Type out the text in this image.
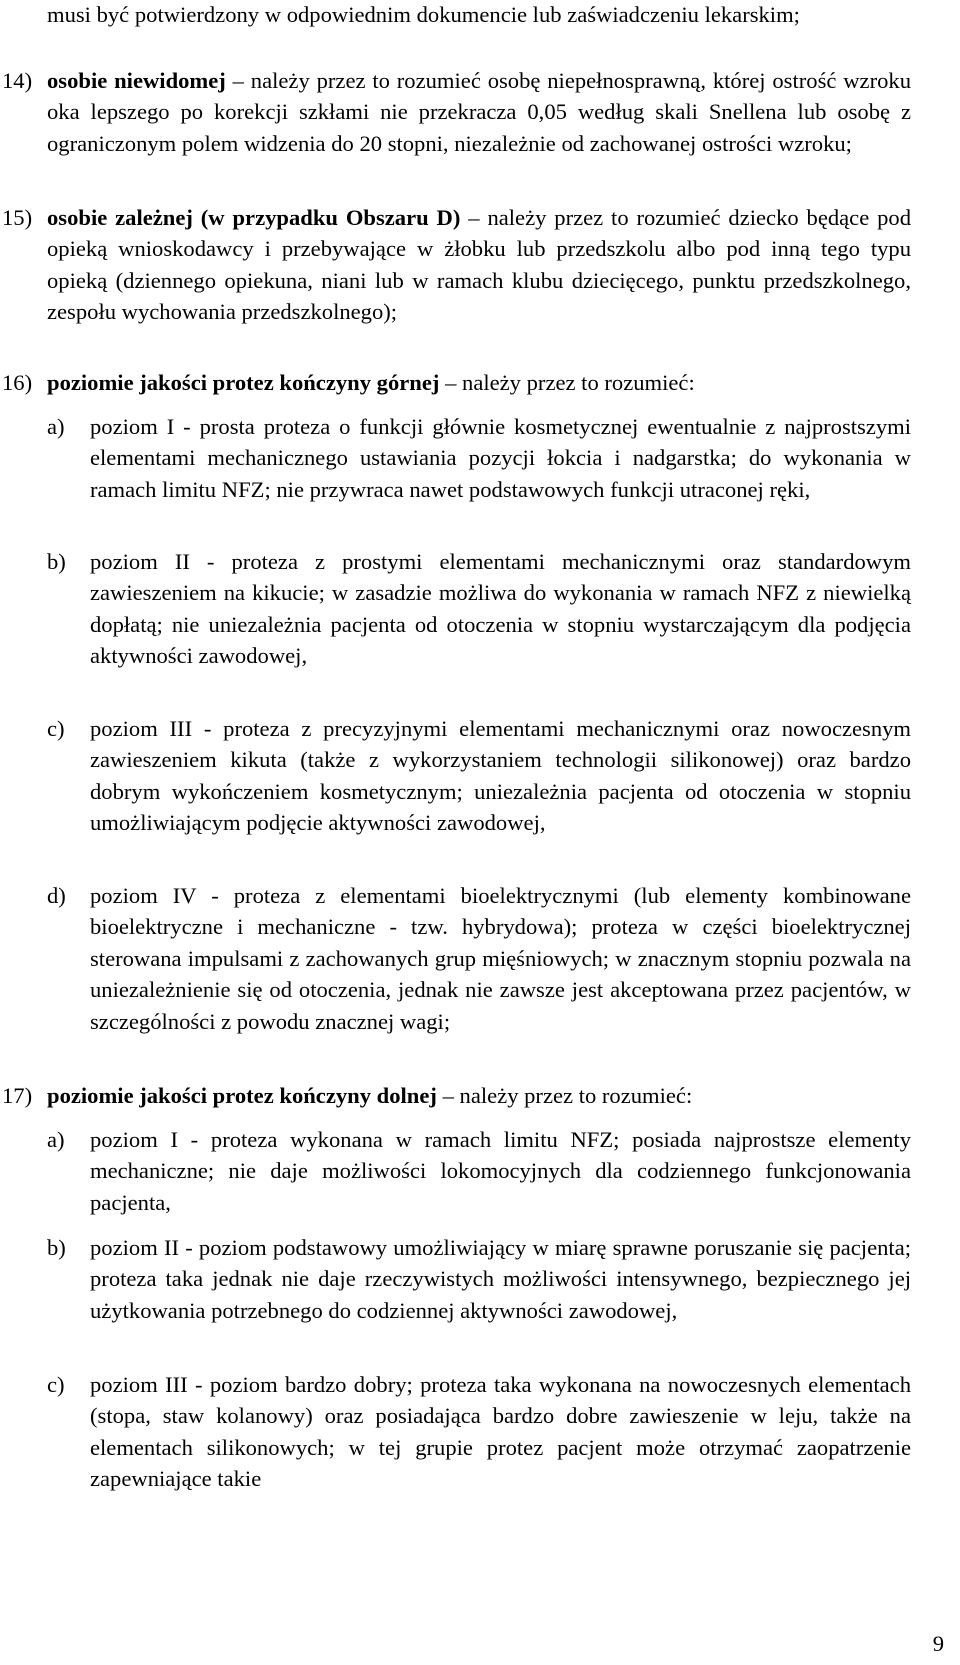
musi być potwierdzony w odpowiednim dokumencie lub zaświadczeniu lekarskim;

14) osobie niewidomej – należy przez to rozumieć osobę niepełnosprawną, której ostrość wzroku oka lepszego po korekcji szkłami nie przekracza 0,05 według skali Snellena lub osobę z ograniczonym polem widzenia do 20 stopni, niezależnie od zachowanej ostrości wzroku;

15) osobie zależnej (w przypadku Obszaru D) – należy przez to rozumieć dziecko będące pod opieką wnioskodawcy i przebywające w żłobku lub przedszkolu albo pod inną tego typu opieką (dziennego opiekuna, niani lub w ramach klubu dziecięcego, punktu przedszkolnego, zespołu wychowania przedszkolnego);

16) poziomie jakości protez kończyny górnej – należy przez to rozumieć:

a) poziom I - prosta proteza o funkcji głównie kosmetycznej ewentualnie z najprostszymi elementami mechanicznego ustawiania pozycji łokcia i nadgarstka; do wykonania w ramach limitu NFZ; nie przywraca nawet podstawowych funkcji utraconej ręki,

b) poziom II - proteza z prostymi elementami mechanicznymi oraz standardowym zawieszeniem na kikucie; w zasadzie możliwa do wykonania w ramach NFZ z niewielką dopłatą; nie uniezależnia pacjenta od otoczenia w stopniu wystarczającym dla podjęcia aktywności zawodowej,

c) poziom III - proteza z precyzyjnymi elementami mechanicznymi oraz nowoczesnym zawieszeniem kikuta (także z wykorzystaniem technologii silikonowej) oraz bardzo dobrym wykończeniem kosmetycznym; uniezależnia pacjenta od otoczenia w stopniu umożliwiającym podjęcie aktywności zawodowej,

d) poziom IV - proteza z elementami bioelektrycznymi (lub elementy kombinowane bioelektryczne i mechaniczne - tzw. hybrydowa); proteza w części bioelektrycznej sterowana impulsami z zachowanych grup mięśniowych; w znacznym stopniu pozwala na uniezależnienie się od otoczenia, jednak nie zawsze jest akceptowana przez pacjentów, w szczególności z powodu znacznej wagi;

17) poziomie jakości protez kończyny dolnej – należy przez to rozumieć:

a) poziom I - proteza wykonana w ramach limitu NFZ; posiada najprostsze elementy mechaniczne; nie daje możliwości lokomocyjnych dla codziennego funkcjonowania pacjenta,

b) poziom II - poziom podstawowy umożliwiający w miarę sprawne poruszanie się pacjenta; proteza taka jednak nie daje rzeczywistych możliwości intensywnego, bezpiecznego jej użytkowania potrzebnego do codziennej aktywności zawodowej,

c) poziom III - poziom bardzo dobry; proteza taka wykonana na nowoczesnych elementach (stopa, staw kolanowy) oraz posiadająca bardzo dobre zawieszenie w leju, także na elementach silikonowych; w tej grupie protez pacjent może otrzymać zaopatrzenie zapewniające takie

9
